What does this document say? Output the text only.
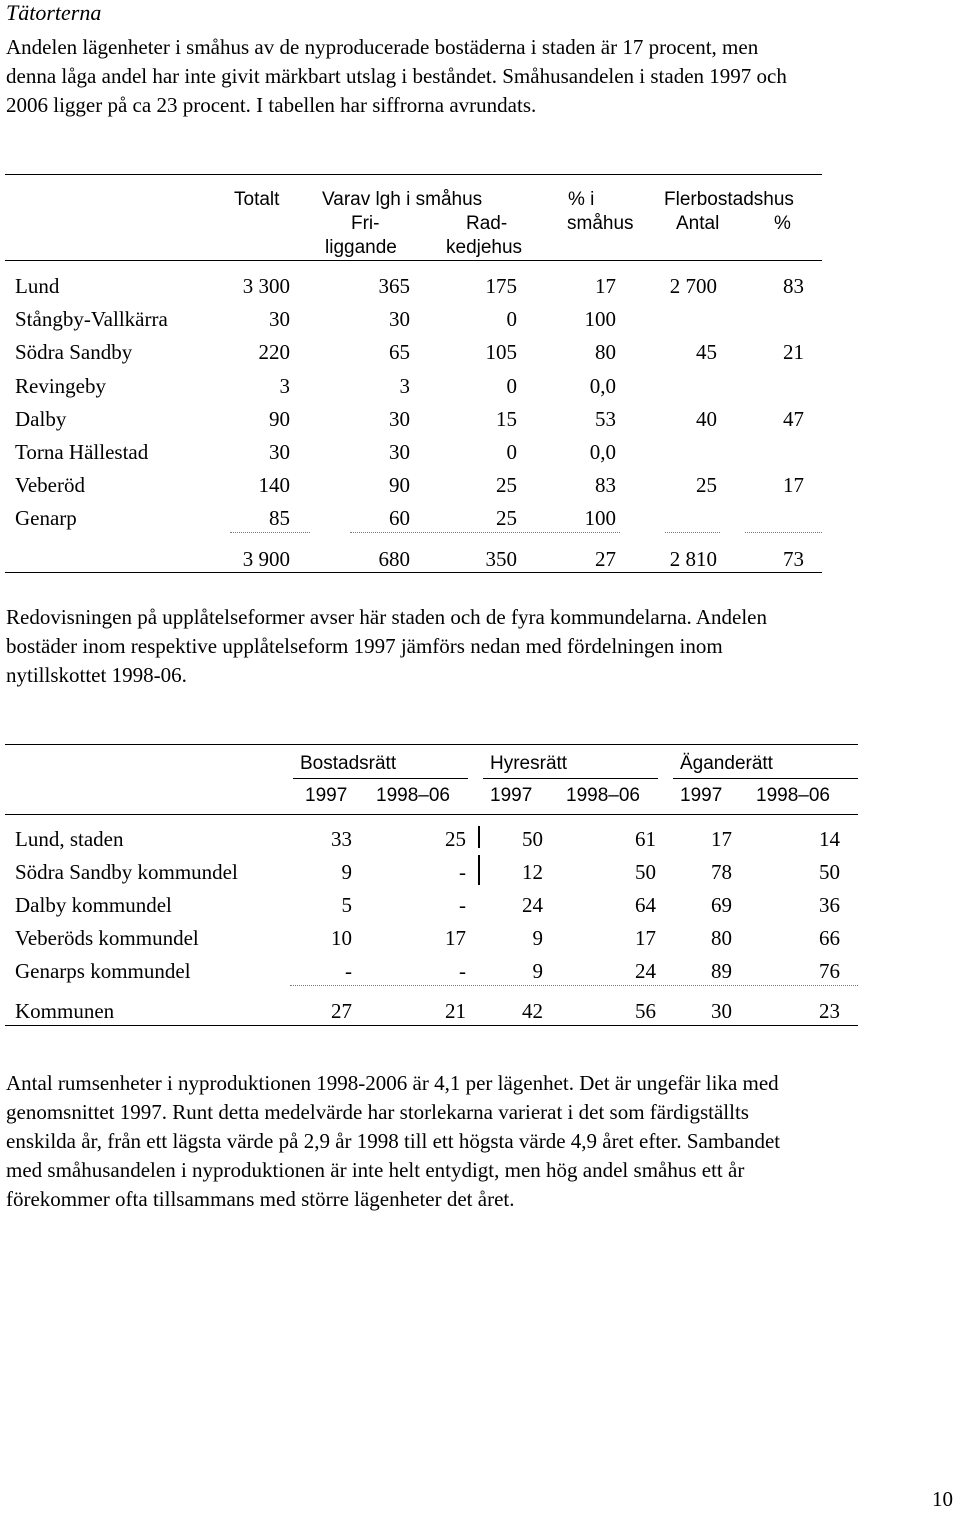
Tätorterna
Andelen lägenheter i småhus av de nyproducerade bostäderna i staden är 17 procent, men
denna låga andel har inte givit märkbart utslag i beståndet. Småhusandelen i staden 1997 och
2006 ligger på ca 23 procent. I tabellen har siffrorna avrundats.
Totalt Varav lgh i småhus
Fri-
liggande
Rad-
kedjehus
% i
småhus
Flerbostadshus
Antal	%
Lund	3 300	365	175	17	2 700	83
Stångby-Vallkärra	30	30	0	100
Södra Sandby	220	65	105	80	45	21
Revingeby	3	3	0	0,0
Dalby	90	30	15	53	40	47
Torna Hällestad	30	30	0	0,0
Veberöd	140	90	25	83	25	17
Genarp	85	60	25	100
3 900	680	350	27	2 810	73
Redovisningen på upplåtelseformer avser här staden och de fyra kommundelarna. Andelen
bostäder inom respektive upplåtelseform 1997 jämförs nedan med fördelningen inom
nytillskottet 1998-06.
Bostadsrätt	Hyresrätt	Äganderätt
1997 1998–06 1997 1998–06 1997 1998–06
Lund, staden	33	25	50	61	17	14
Södra Sandby kommundel	9	-	12	50	78	50
Dalby kommundel	5	-	24	64	69	36
Veberöds kommundel	10	17	9	17	80	66
Genarps kommundel	-	-	9	24	89	76
Kommunen	27	21	42	56	30	23
Antal rumsenheter i nyproduktionen 1998-2006 är 4,1 per lägenhet. Det är ungefär lika med
genomsnittet 1997. Runt detta medelvärde har storlekarna varierat i det som färdigställts
enskilda år, från ett lägsta värde på 2,9 år 1998 till ett högsta värde 4,9 året efter. Sambandet
med småhusandelen i nyproduktionen är inte helt entydigt, men hög andel småhus ett år
förekommer ofta tillsammans med större lägenheter det året.
10
